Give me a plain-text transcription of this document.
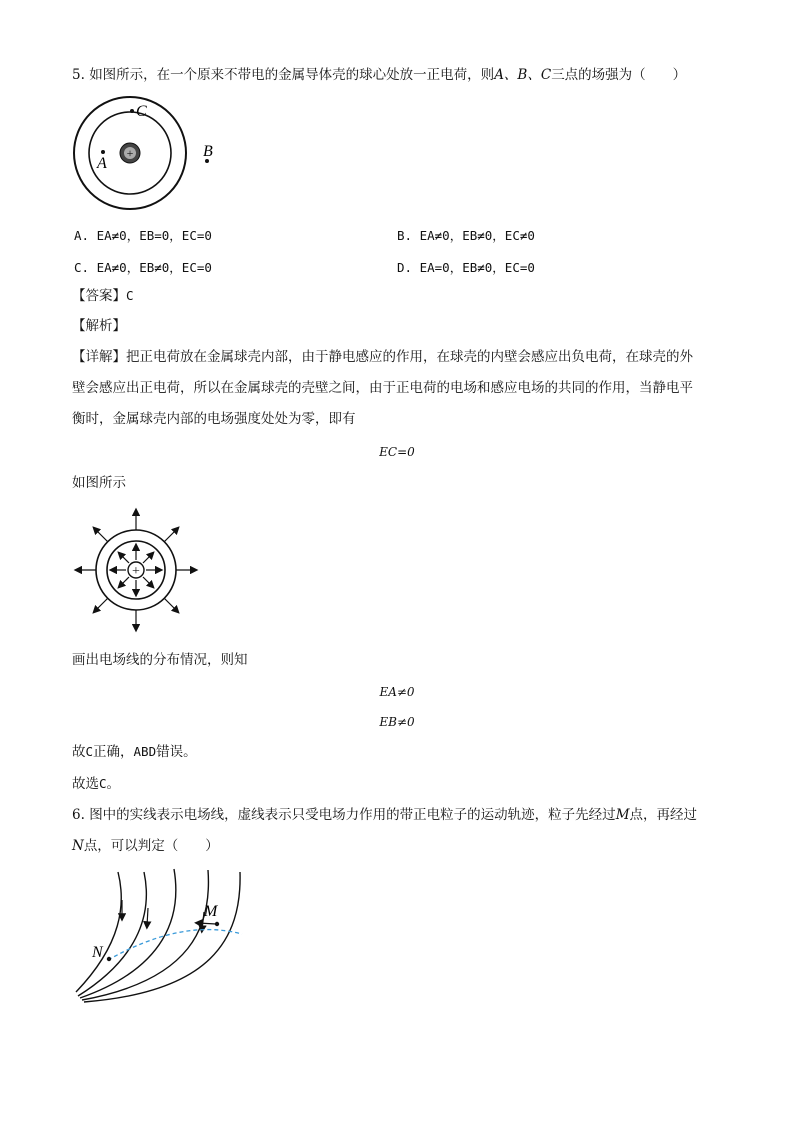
5. 如图所示，在一个原来不带电的金属导体壳的球心处放一正电荷，则A、B、C三点的场强为（　　）
+
C
A
B
A. EA≠0，EB=0，EC=0	B. EA≠0，EB≠0，EC≠0
C. EA≠0，EB≠0，EC=0	D. EA=0，EB≠0，EC=0
【答案】C
【解析】
【详解】把正电荷放在金属球壳内部，由于静电感应的作用，在球壳的内壁会感应出负电荷，在球壳的外
壁会感应出正电荷，所以在金属球壳的壳壁之间，由于正电荷的电场和感应电场的共同的作用，当静电平
衡时，金属球壳内部的电场强度处处为零，即有
EC=0
如图所示
+
画出电场线的分布情况，则知
EA≠0
EB≠0
故C正确，ABD错误。
故选C。
6. 图中的实线表示电场线，虚线表示只受电场力作用的带正电粒子的运动轨迹，粒子先经过M点，再经过
N点，可以判定（　　）
M
N
